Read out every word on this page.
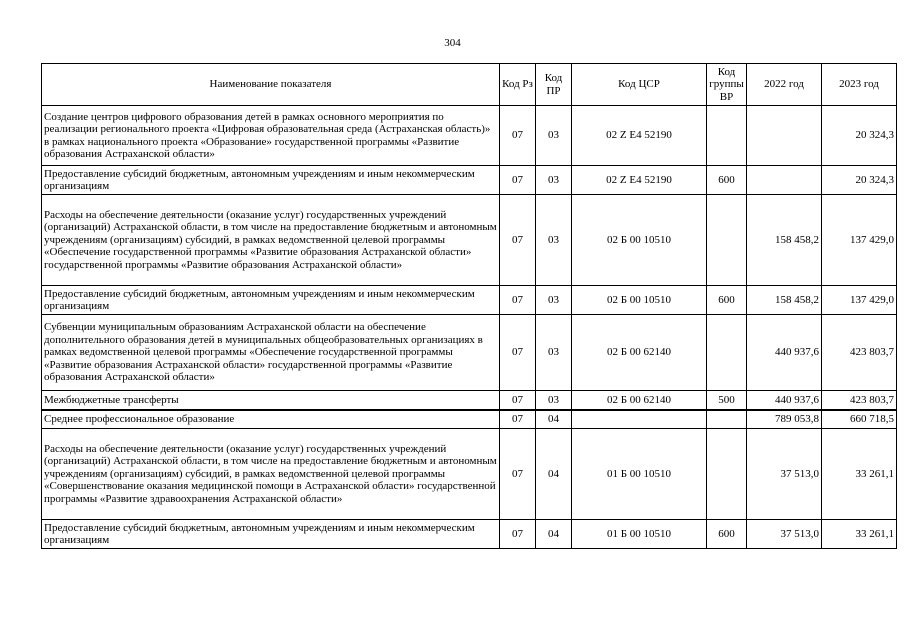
304
Наименование показателя	Код Рз	Код ПР	Код ЦСР	Код группы ВР	2022 год	2023 год
Создание центров цифрового образования детей в рамках основного мероприятия по реализации регионального проекта «Цифровая образовательная среда (Астраханская область)» в рамках национального проекта «Образование» государственной программы «Развитие образования Астраханской области»	07	03	02 Z E4 52190			20 324,3
Предоставление субсидий бюджетным, автономным учреждениям и иным некоммерческим организациям	07	03	02 Z E4 52190	600		20 324,3
Расходы на обеспечение деятельности (оказание услуг) государственных учреждений (организаций) Астраханской области, в том числе на предоставление бюджетным и автономным учреждениям (организациям) субсидий, в рамках ведомственной целевой программы «Обеспечение государственной программы «Развитие образования Астраханской области» государственной программы «Развитие образования Астраханской области»	07	03	02 Б 00 10510		158 458,2	137 429,0
Предоставление субсидий бюджетным, автономным учреждениям и иным некоммерческим организациям	07	03	02 Б 00 10510	600	158 458,2	137 429,0
Субвенции муниципальным образованиям Астраханской области на обеспечение дополнительного образования детей в муниципальных общеобразовательных организациях в рамках ведомственной целевой программы «Обеспечение государственной программы «Развитие образования Астраханской области» государственной программы «Развитие образования Астраханской области»	07	03	02 Б 00 62140		440 937,6	423 803,7
Межбюджетные трансферты	07	03	02 Б 00 62140	500	440 937,6	423 803,7
Среднее профессиональное образование	07	04			789 053,8	660 718,5
Расходы на обеспечение деятельности (оказание услуг) государственных учреждений (организаций) Астраханской области, в том числе на предоставление бюджетным и автономным учреждениям (организациям) субсидий, в рамках ведомственной целевой программы «Совершенствование оказания медицинской помощи в Астраханской области» государственной программы «Развитие здравоохранения Астраханской области»	07	04	01 Б 00 10510		37 513,0	33 261,1
Предоставление субсидий бюджетным, автономным учреждениям и иным некоммерческим организациям	07	04	01 Б 00 10510	600	37 513,0	33 261,1
